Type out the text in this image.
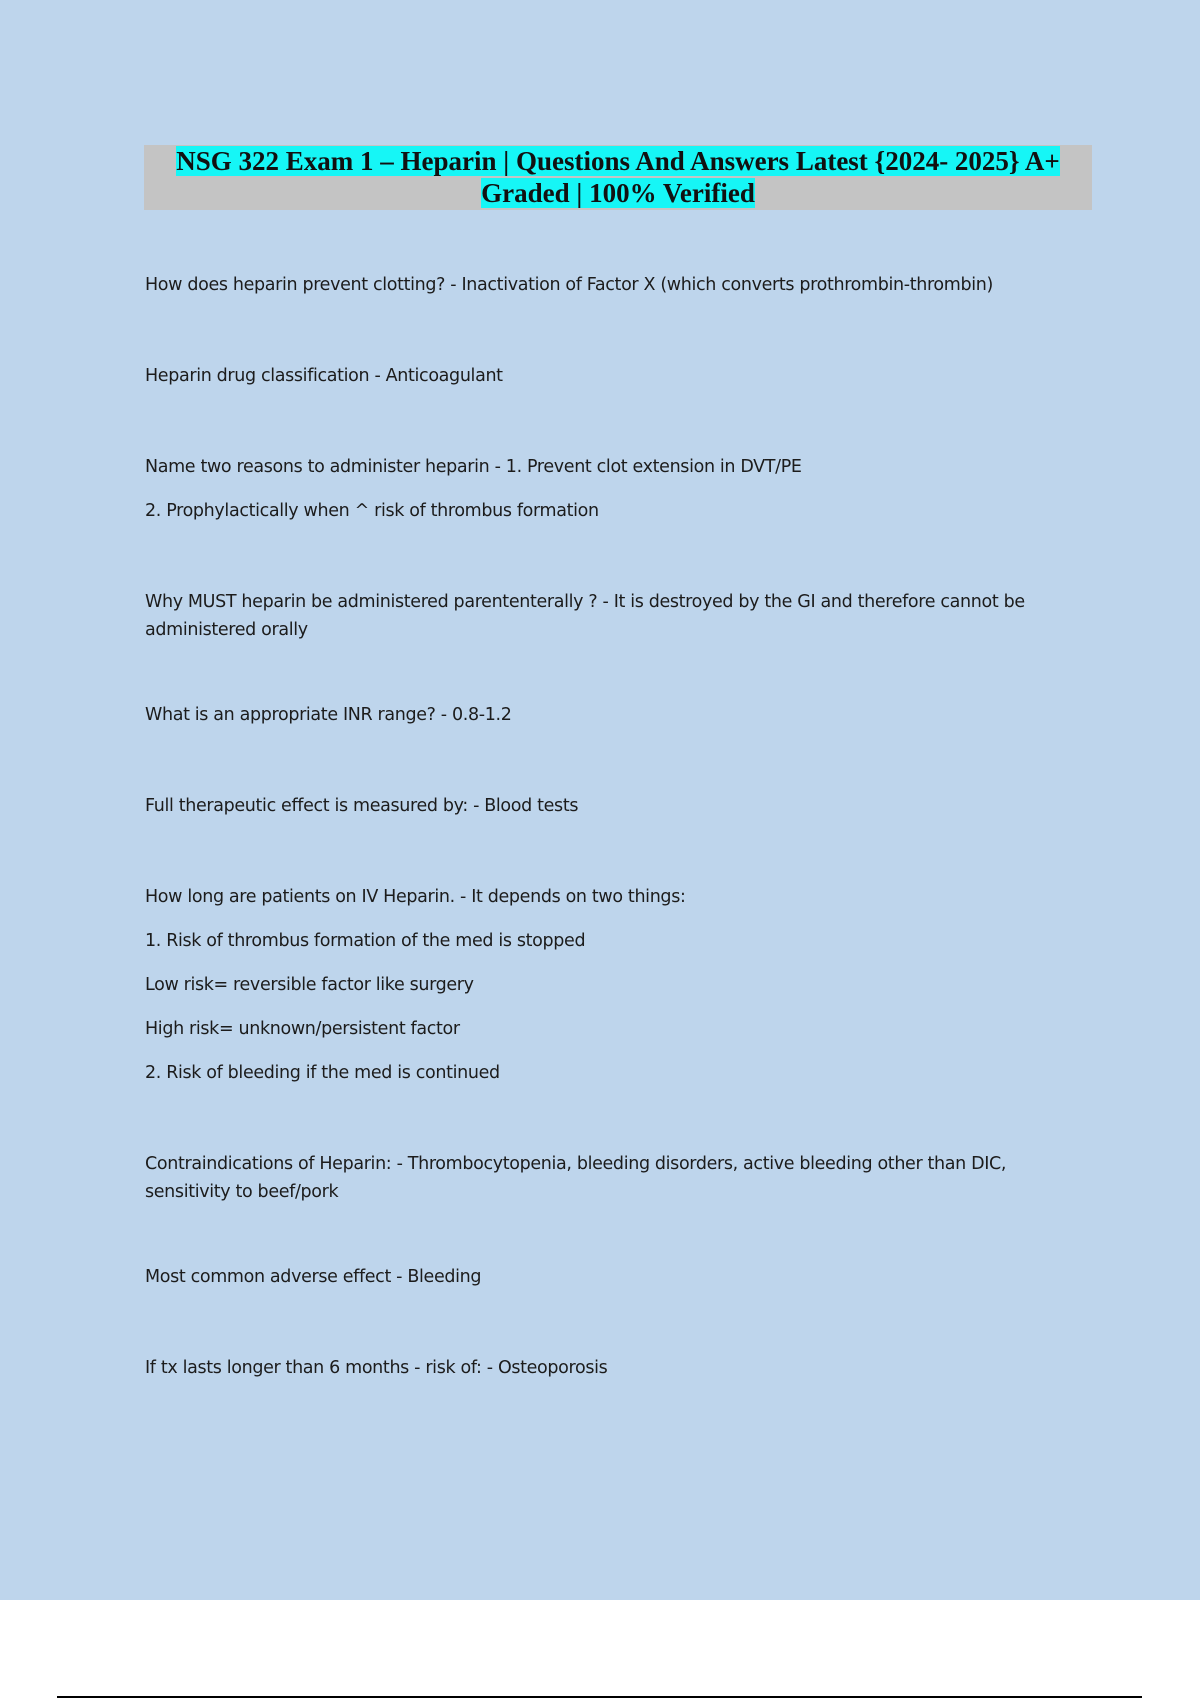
NSG 322 Exam 1 – Heparin | Questions And Answers Latest {2024- 2025} A+
Graded | 100% Verified

How does heparin prevent clotting? - Inactivation of Factor X (which converts prothrombin-thrombin)

Heparin drug classification - Anticoagulant

Name two reasons to administer heparin - 1. Prevent clot extension in DVT/PE

2. Prophylactically when ^ risk of thrombus formation

Why MUST heparin be administered parententerally ? - It is destroyed by the GI and therefore cannot be administered orally

What is an appropriate INR range? - 0.8-1.2

Full therapeutic effect is measured by: - Blood tests

How long are patients on IV Heparin. - It depends on two things:

1. Risk of thrombus formation of the med is stopped

Low risk= reversible factor like surgery

High risk= unknown/persistent factor

2. Risk of bleeding if the med is continued

Contraindications of Heparin: - Thrombocytopenia, bleeding disorders, active bleeding other than DIC, sensitivity to beef/pork

Most common adverse effect - Bleeding

If tx lasts longer than 6 months - risk of: - Osteoporosis
